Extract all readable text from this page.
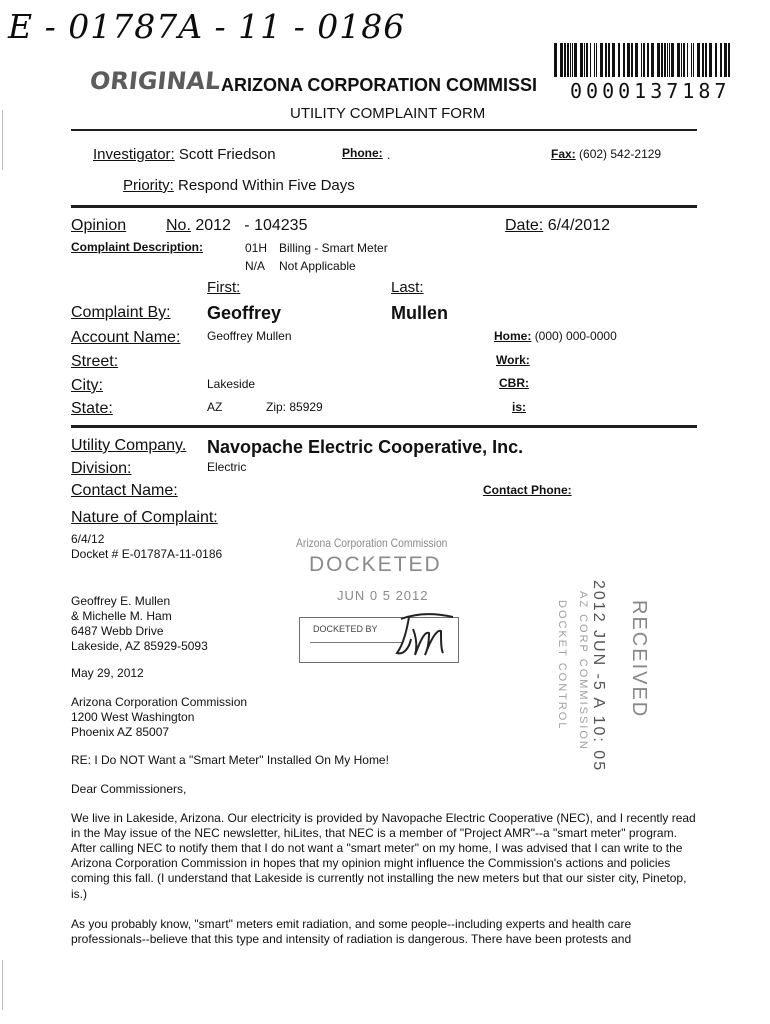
E - 01787A - 11 - 0186
ORIGINAL ARIZONA CORPORATION COMMISSI
UTILITY COMPLAINT FORM
0000137187
Investigator: Scott Friedson	Phone: .	Fax: (602) 542-2129
Priority: Respond Within Five Days
Opinion No. 2012 - 104235	Date: 6/4/2012
Complaint Description:	01H Billing - Smart Meter
N/A Not Applicable
First:	Last:
Complaint By: Geoffrey	Mullen
Account Name: Geoffrey Mullen	Home: (000) 000-0000
Street:	Work:
City:	Lakeside	CBR:
State:	AZ	Zip: 85929	is:
Utility Company. Navopache Electric Cooperative, Inc.
Division:	Electric
Contact Name:	Contact Phone:
Nature of Complaint:
6/4/12
Docket # E-01787A-11-0186
Arizona Corporation Commission
DOCKETED
JUN 0 5 2012
DOCKETED BY	2012 JUN -5 A 10: 05 RECEIVED
AZ CORP COMMISSION
DOCKET CONTROL
Geoffrey E. Mullen
& Michelle M. Ham
6487 Webb Drive
Lakeside, AZ 85929-5093
May 29, 2012
Arizona Corporation Commission
1200 West Washington
Phoenix AZ 85007
RE: I Do NOT Want a "Smart Meter" Installed On My Home!
Dear Commissioners,
We live in Lakeside, Arizona. Our electricity is provided by Navopache Electric Cooperative (NEC), and I recently read in the May issue of the NEC newsletter, hiLites, that NEC is a member of "Project AMR"--a "smart meter" program. After calling NEC to notify them that I do not want a "smart meter" on my home, I was advised that I can write to the Arizona Corporation Commission in hopes that my opinion might influence the Commission's actions and policies coming this fall. (I understand that Lakeside is currently not installing the new meters but that our sister city, Pinetop, is.)
As you probably know, "smart" meters emit radiation, and some people--including experts and health care professionals--believe that this type and intensity of radiation is dangerous. There have been protests and
